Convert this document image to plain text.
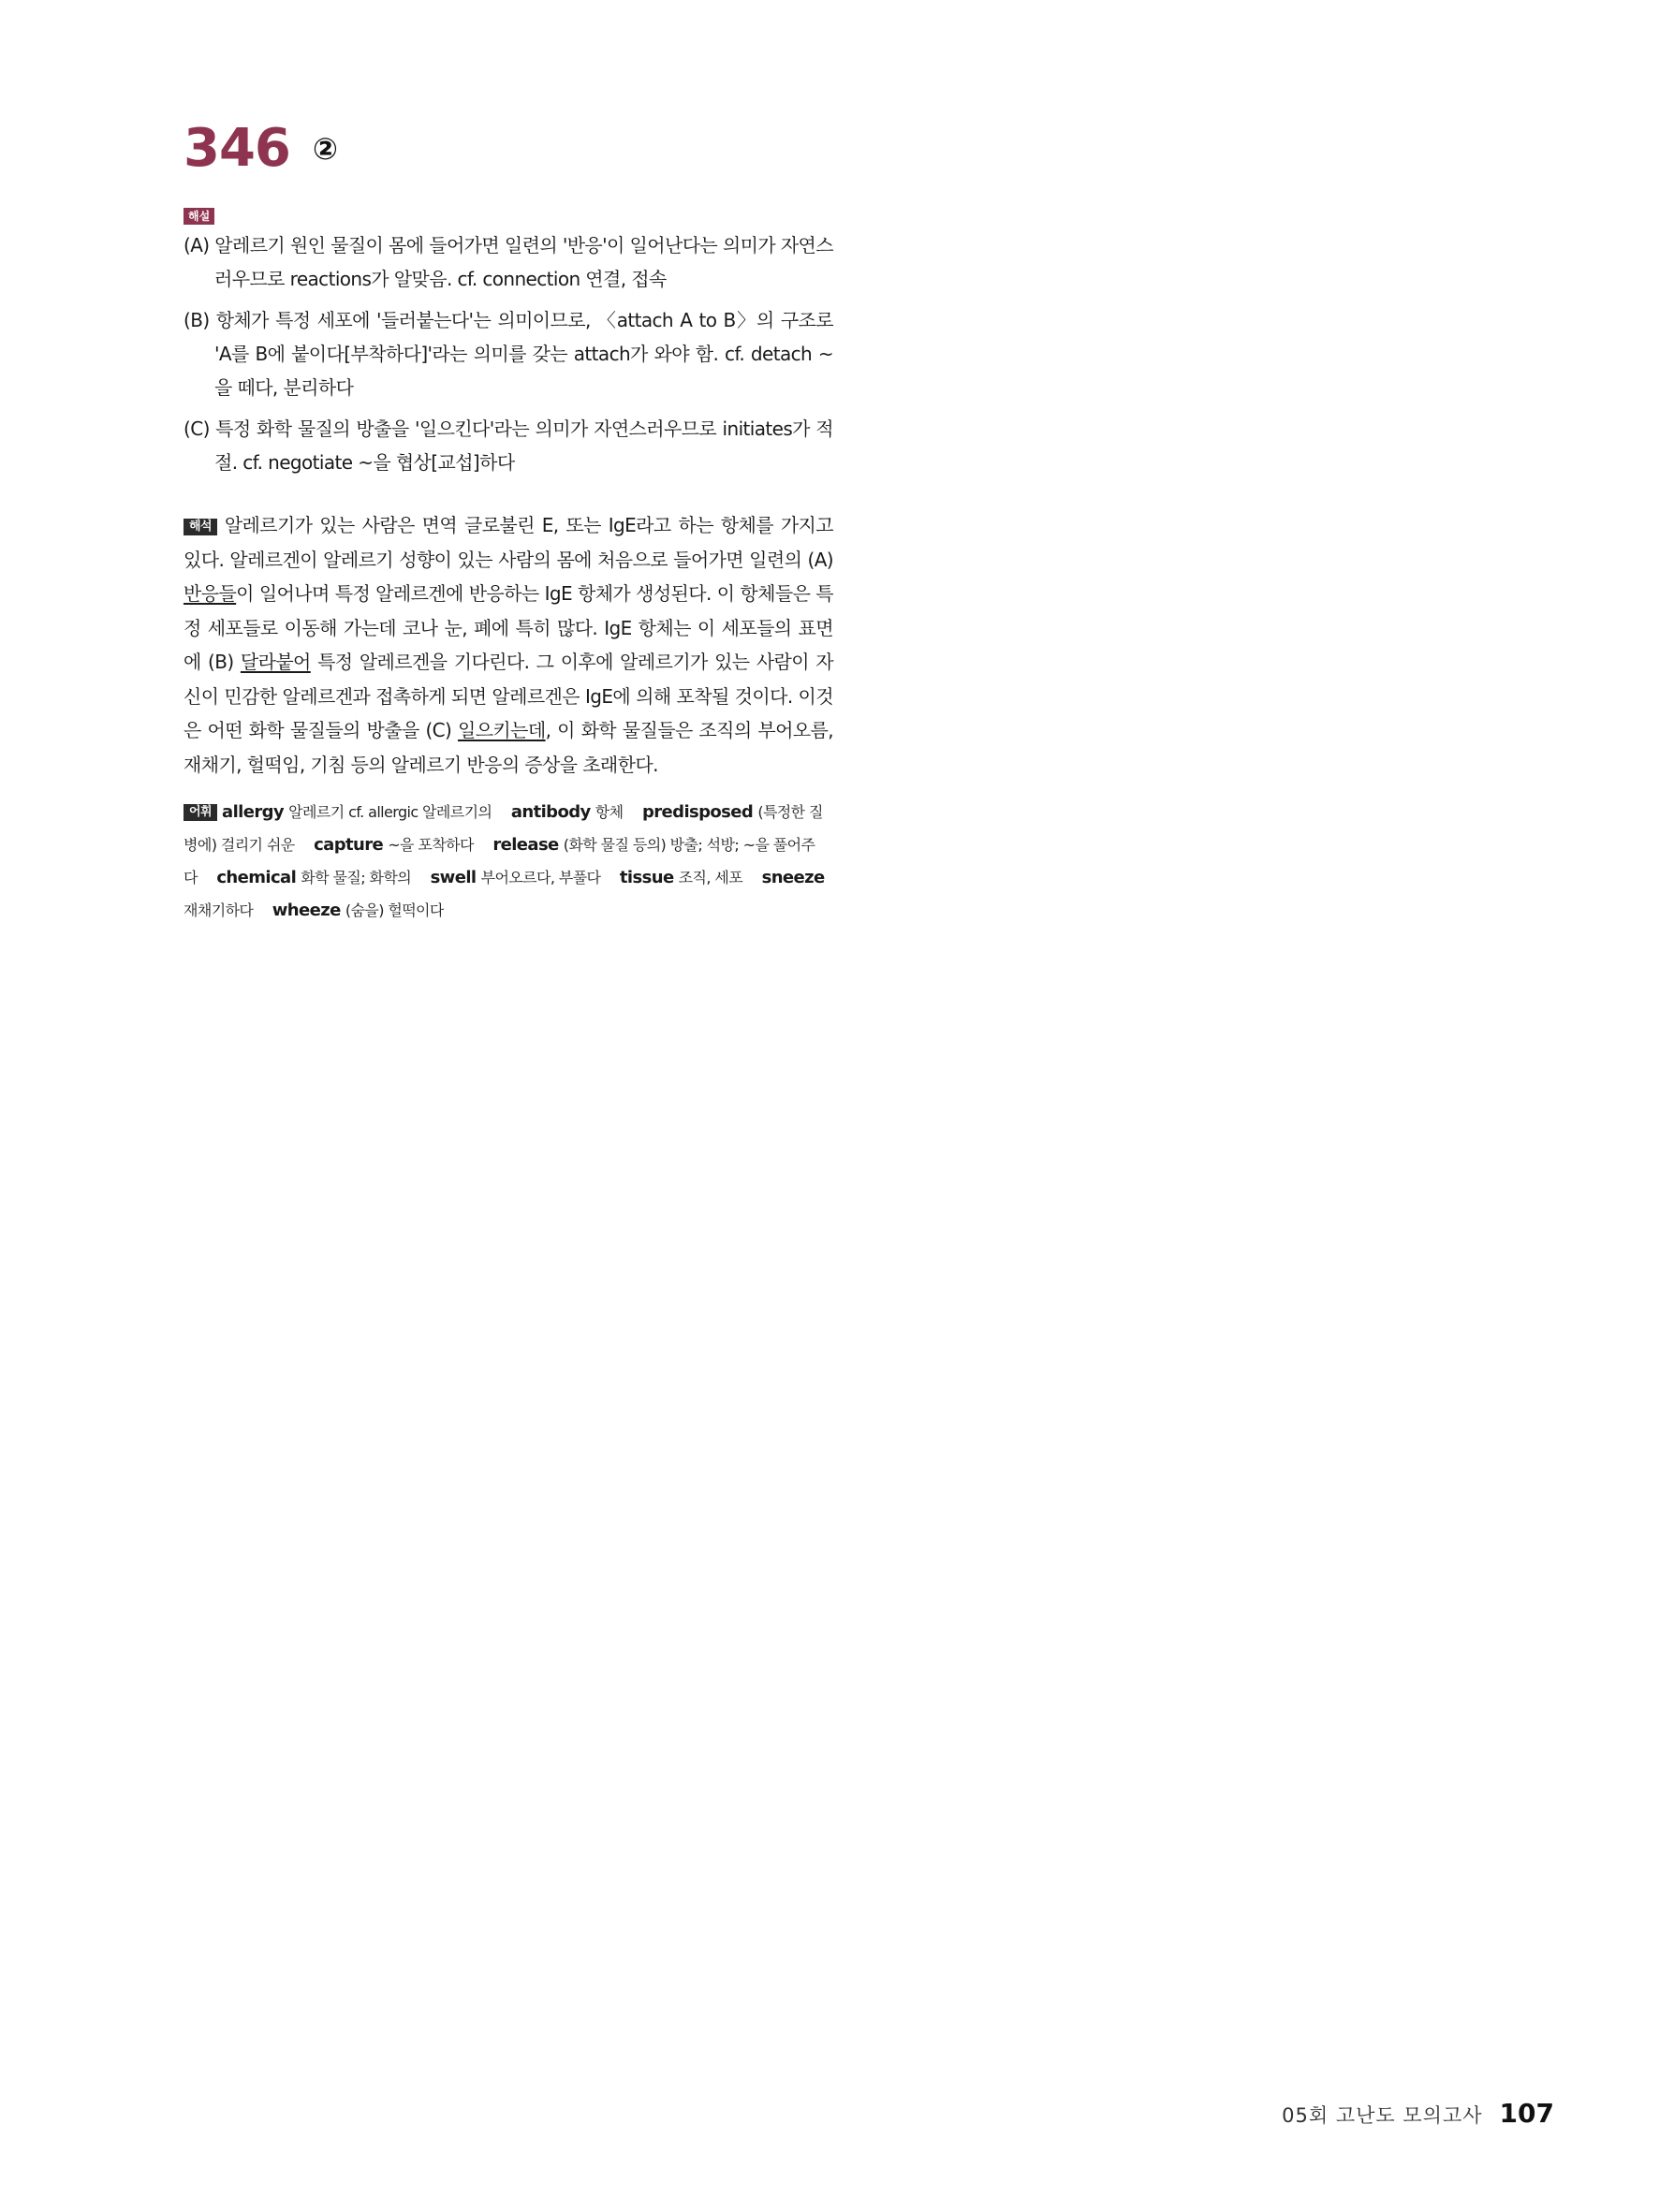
346 ②
해설
(A) 알레르기 원인 물질이 몸에 들어가면 일련의 '반응'이 일어난다는 의미가 자연스러우므로 reactions가 알맞음. cf. connection 연결, 접속
(B) 항체가 특정 세포에 '들러붙는다'는 의미이므로, 〈attach A to B〉의 구조로 'A를 B에 붙이다[부착하다]'라는 의미를 갖는 attach가 와야 함. cf. detach ~을 떼다, 분리하다
(C) 특정 화학 물질의 방출을 '일으킨다'라는 의미가 자연스러우므로 initiates가 적절. cf. negotiate ~을 협상[교섭]하다
해석 알레르기가 있는 사람은 면역 글로불린 E, 또는 IgE라고 하는 항체를 가지고 있다. 알레르겐이 알레르기 성향이 있는 사람의 몸에 처음으로 들어가면 일련의 (A) 반응들이 일어나며 특정 알레르겐에 반응하는 IgE 항체가 생성된다. 이 항체들은 특정 세포들로 이동해 가는데 코나 눈, 폐에 특히 많다. IgE 항체는 이 세포들의 표면에 (B) 달라붙어 특정 알레르겐을 기다린다. 그 이후에 알레르기가 있는 사람이 자신이 민감한 알레르겐과 접촉하게 되면 알레르겐은 IgE에 의해 포착될 것이다. 이것은 어떤 화학 물질들의 방출을 (C) 일으키는데, 이 화학 물질들은 조직의 부어오름, 재채기, 헐떡임, 기침 등의 알레르기 반응의 증상을 초래한다.
어휘 allergy 알레르기 cf. allergic 알레르기의 antibody 항체 predisposed (특정한 질병에) 걸리기 쉬운 capture ~을 포착하다 release (화학 물질 등의) 방출; 석방; ~을 풀어주다 chemical 화학 물질; 화학의 swell 부어오르다, 부풀다 tissue 조직, 세포 sneeze 재채기하다 wheeze (숨을) 헐떡이다
05회 고난도 모의고사 107
